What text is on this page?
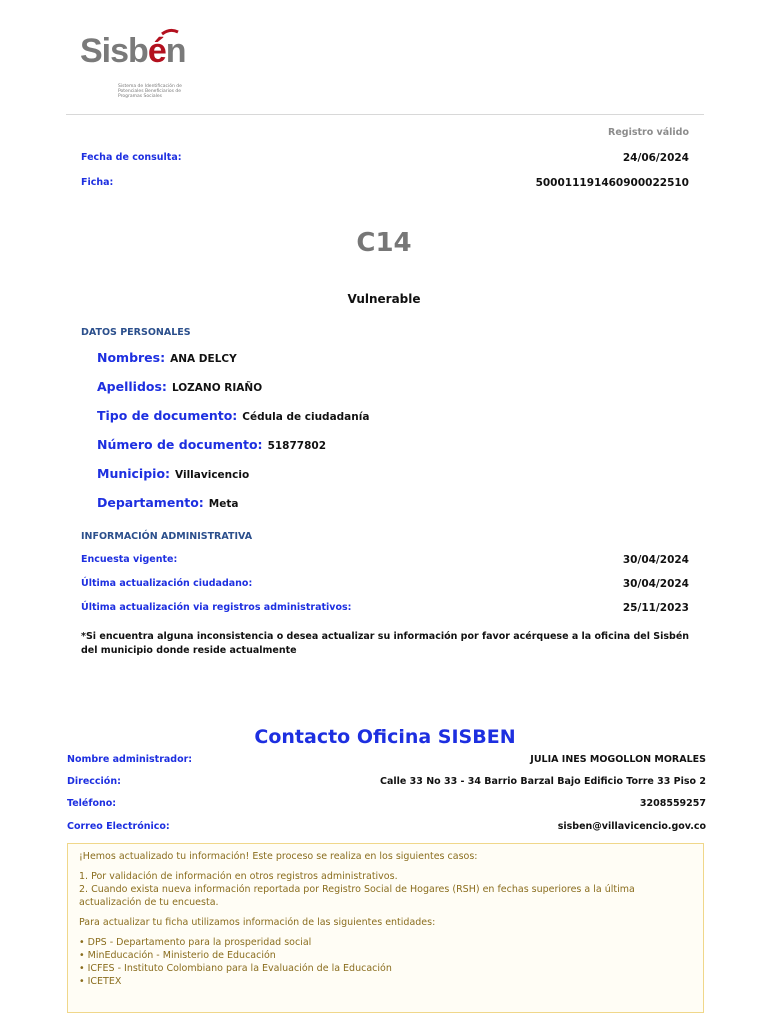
Sisbén
Sistema de Identificación de Potenciales Beneficiarios de Programas Sociales
Registro válido
Fecha de consulta:	24/06/2024
Ficha:	500011191460900022510
C14
Vulnerable
DATOS PERSONALES
Nombres: ANA DELCY
Apellidos: LOZANO RIAÑO
Tipo de documento: Cédula de ciudadanía
Número de documento: 51877802
Municipio: Villavicencio
Departamento: Meta
INFORMACIÓN ADMINISTRATIVA
Encuesta vigente:	30/04/2024
Última actualización ciudadano:	30/04/2024
Última actualización via registros administrativos:	25/11/2023
*Si encuentra alguna inconsistencia o desea actualizar su información por favor acérquese a la oficina del Sisbén del municipio donde reside actualmente
Contacto Oficina SISBEN
Nombre administrador:	JULIA INES MOGOLLON MORALES
Dirección:	Calle 33 No 33 - 34 Barrio Barzal Bajo Edificio Torre 33 Piso 2
Teléfono:	3208559257
Correo Electrónico:	sisben@villavicencio.gov.co

¡Hemos actualizado tu información! Este proceso se realiza en los siguientes casos:

1. Por validación de información en otros registros administrativos.

2. Cuando exista nueva información reportada por Registro Social de Hogares (RSH) en fechas superiores a la última actualización de tu encuesta.

Para actualizar tu ficha utilizamos información de las siguientes entidades:

• DPS - Departamento para la prosperidad social
• MinEducación - Ministerio de Educación
• ICFES - Instituto Colombiano para la Evaluación de la Educación
• ICETEX
